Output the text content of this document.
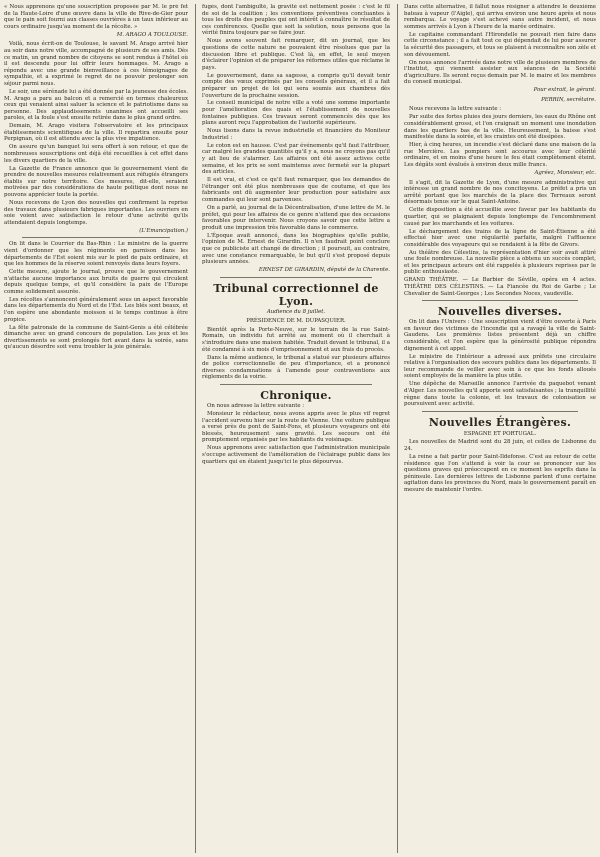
« Nous apprenons qu'une souscription proposée par M. le pré fet de la Haute-Loire d'une œuvre dans la ville de Rive-de-Gier pour que le pain soit fourni aux classes ouvrières à un taux inférieur au cours ordinaire jusqu'au moment de la récolte. »

M. ARAGO A TOULOUSE.

Voilà, nous écrit-on de Toulouse, le savant M. Arago arrivé hier au soir dans notre ville, accompagné de plusieurs de ses amis. Dès ce matin, un grand nombre de citoyens se sont rendus à l'hôtel où il est descendu pour lui offrir leurs hommages. M. Arago a répondu avec une grande bienveillance à ces témoignages de sympathie, et a exprimé le regret de ne pouvoir prolonger son séjour parmi nous.

Le soir, une sérénade lui a été donnée par la jeunesse des écoles. M. Arago a paru au balcon et a remercié en termes chaleureux ceux qui venaient ainsi saluer la science et le patriotisme dans sa personne. Des applaudissements unanimes ont accueilli ses paroles, et la foule s'est ensuite retirée dans le plus grand ordre.

Demain, M. Arago visitera l'observatoire et les principaux établissements scientifiques de la ville. Il repartira ensuite pour Perpignan, où il est attendu avec la plus vive impatience.

On assure qu'un banquet lui sera offert à son retour, et que de nombreuses souscriptions ont déjà été recueillies à cet effet dans les divers quartiers de la ville.

La Gazette de France annonce que le gouvernement vient de prendre de nouvelles mesures relativement aux réfugiés étrangers établis sur notre territoire. Ces mesures, dit-elle, seraient motivées par des considérations de haute politique dont nous ne pouvons apprécier toute la portée.

Nous recevons de Lyon des nouvelles qui confirment la reprise des travaux dans plusieurs fabriques importantes. Les ouvriers en soie voient avec satisfaction le retour d'une activité qu'ils attendaient depuis longtemps.

(L'Emancipation.)

On lit dans le Courrier du Bas-Rhin : Le ministre de la guerre vient d'ordonner que les régiments en garnison dans les départements de l'Est soient mis sur le pied de paix ordinaire, et que les hommes de la réserve soient renvoyés dans leurs foyers.

Cette mesure, ajoute le journal, prouve que le gouvernement n'attache aucune importance aux bruits de guerre qui circulent depuis quelque temps, et qu'il considère la paix de l'Europe comme solidement assurée.

Les récoltes s'annoncent généralement sous un aspect favorable dans les départements du Nord et de l'Est. Les blés sont beaux, et l'on espère une abondante moisson si le temps continue à être propice.

La fête patronale de la commune de Saint-Genis a été célébrée dimanche avec un grand concours de population. Les jeux et les divertissements se sont prolongés fort avant dans la soirée, sans qu'aucun désordre soit venu troubler la joie générale.

fugés, dont l'ambiguïté, la gravité est nettement posée : c'est le fil de soi de la coalition ; les conventions préventives concluantes à tous les droits des peuples qui ont intérêt à connaître le résultat de ces conférences. Quelle que soit la solution, nous pensons que la vérité finira toujours par se faire jour.

Nous avons souvent fait remarquer, dit un journal, que les questions de cette nature ne pouvaient être résolues que par la discussion libre et publique. C'est là, en effet, le seul moyen d'éclairer l'opinion et de préparer les réformes utiles que réclame le pays.

Le gouvernement, dans sa sagesse, a compris qu'il devait tenir compte des vœux exprimés par les conseils généraux, et il a fait préparer un projet de loi qui sera soumis aux chambres dès l'ouverture de la prochaine session.

Le conseil municipal de notre ville a voté une somme importante pour l'amélioration des quais et l'établissement de nouvelles fontaines publiques. Ces travaux seront commencés dès que les plans auront reçu l'approbation de l'autorité supérieure.

Nous lisons dans la revue industrielle et financière du Moniteur Industriel :

Le coton est en hausse. C'est par événements qu'il faut l'attribuer, car malgré les grandes quantités qu'il y a, nous ne croyons pas qu'il y ait lieu de s'alarmer. Les affaires ont été assez actives cette semaine, et les prix se sont maintenus avec fermeté sur la plupart des articles.

Il est vrai, et c'est ce qu'il faut remarquer, que les demandes de l'étranger ont été plus nombreuses que de coutume, et que les fabricants ont dû augmenter leur production pour satisfaire aux commandes qui leur sont parvenues.

On a parlé, au journal de la Décentralisation, d'une lettre de M. le préfet, qui pour les affaires de ce genre n'attend que des occasions favorables pour intervenir. Nous croyons savoir que cette lettre a produit une impression très favorable dans le commerce.

L'Époque avait annoncé, dans les biographies qu'elle publie, l'opinion de M. Ernest de Girardin. Il n'en faudrait point conclure que ce publiciste ait changé de direction ; il poursuit, au contraire, avec une constance remarquable, le but qu'il s'est proposé depuis plusieurs années.

ERNEST DE GIRARDIN, député de la Charente.
Tribunal correctionnel de Lyon.
Audience du 8 juillet.
PRÉSIDENCE DE M. DUPASQUIER.

Bientôt après la Porte-Neuve, sur le terrain de la rue Saint-Romain, un individu fut arrêté au moment où il cherchait à s'introduire dans une maison habitée. Traduit devant le tribunal, il a été condamné à six mois d'emprisonnement et aux frais du procès.

Dans la même audience, le tribunal a statué sur plusieurs affaires de police correctionnelle de peu d'importance, et a prononcé diverses condamnations à l'amende pour contraventions aux règlements de la voirie.

Chronique.

On nous adresse la lettre suivante :

Monsieur le rédacteur, nous avons appris avec le plus vif regret l'accident survenu hier sur la route de Vienne. Une voiture publique a versé près du pont de Saint-Fons, et plusieurs voyageurs ont été blessés, heureusement sans gravité. Les secours ont été promptement organisés par les habitants du voisinage.

Nous apprenons avec satisfaction que l'administration municipale s'occupe activement de l'amélioration de l'éclairage public dans les quartiers qui en étaient jusqu'ici le plus dépourvus.

Dans cette alternative, il fallut nous résigner à attendre le deuxième bateau à vapeur (l'Aigle), qui arriva environ une heure après et nous rembarqua. Le voyage s'est achevé sans autre incident, et nous sommes arrivés à Lyon à l'heure de la marée ordinaire.

Le capitaine commandant l'Hirondelle ne pouvait rien faire dans cette circonstance ; il a fait tout ce qui dépendait de lui pour assurer la sécurité des passagers, et tous se plaisent à reconnaître son zèle et son dévouement.

On nous annonce l'arrivée dans notre ville de plusieurs membres de l'Institut, qui viennent assister aux séances de la Société d'agriculture. Ils seront reçus demain par M. le maire et les membres du conseil municipal.

Pour extrait, le gérant.
PERRIN, secrétaire.

Nous recevons la lettre suivante :

Par suite des fortes pluies des jours derniers, les eaux du Rhône ont considérablement grossi, et l'on craignait un moment une inondation dans les quartiers bas de la ville. Heureusement, la baisse s'est manifestée dans la soirée, et les craintes ont été dissipées.

Hier, à cinq heures, un incendie s'est déclaré dans une maison de la rue Mercière. Les pompiers sont accourus avec leur célérité ordinaire, et en moins d'une heure le feu était complètement éteint. Les dégâts sont évalués à environ deux mille francs.

Agréez, Monsieur, etc.

Il s'agit, dit la Gazette de Lyon, d'une mesure administrative qui intéresse un grand nombre de nos concitoyens. Le préfet a pris un arrêté portant que les marchés de la place des Terreaux seront désormais tenus sur le quai Saint-Antoine.

Cette disposition a été accueillie avec faveur par les habitants du quartier, qui se plaignaient depuis longtemps de l'encombrement causé par les marchands et les voitures.

Le déchargement des trains de la ligne de Saint-Étienne a été effectué hier avec une régularité parfaite, malgré l'affluence considérable des voyageurs qui se rendaient à la fête de Givors.

Au théâtre des Célestins, la représentation d'hier soir avait attiré une foule nombreuse. La nouvelle pièce a obtenu un succès complet, et les principaux acteurs ont été rappelés à plusieurs reprises par le public enthousiaste.

GRAND THÉÂTRE. — Le Barbier de Séville, opéra en 4 actes. THÉÂTRE DES CÉLESTINS. — La Fiancée du Roi de Garbe ; Le Chevalier de Saint-Georges ; Les Secondes Noces, vaudeville.

Nouvelles diverses.

On lit dans l'Univers : Une souscription vient d'être ouverte à Paris en faveur des victimes de l'incendie qui a ravagé la ville de Saint-Gaudens. Les premières listes présentent déjà un chiffre considérable, et l'on espère que la générosité publique répondra dignement à cet appel.

Le ministre de l'intérieur a adressé aux préfets une circulaire relative à l'organisation des secours publics dans les départements. Il leur recommande de veiller avec soin à ce que les fonds alloués soient employés de la manière la plus utile.

Une dépêche de Marseille annonce l'arrivée du paquebot venant d'Alger. Les nouvelles qu'il apporte sont satisfaisantes ; la tranquillité règne dans toute la colonie, et les travaux de colonisation se poursuivent avec activité.

Nouvelles Étrangères.
ESPAGNE ET PORTUGAL.

Les nouvelles de Madrid sont du 28 juin, et celles de Lisbonne du 24.

La reine a fait partir pour Saint-Ildefonse. C'est au retour de cette résidence que l'on s'attend à voir la cour se prononcer sur les questions graves qui préoccupent en ce moment les esprits dans la péninsule. Les dernières lettres de Lisbonne parlent d'une certaine agitation dans les provinces du Nord, mais le gouvernement paraît en mesure de maintenir l'ordre.
